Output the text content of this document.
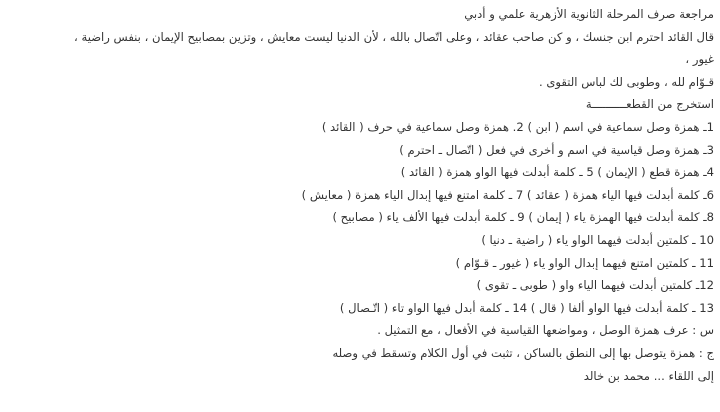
مراجعة صرف المرحلة الثانوية الأزهرية علمي و أدبي
قال القائد احترم ابن جنسك ، و كن صاحب عقائد ، وعلى اتّصال بالله ، لأن الدنيا ليست معايش ، وتزين بمصابيح الإيمان ، بنفس راضية ،
غيور ،
قـوّام لله ، وطوبى لك لباس التقوى .
استخرج من القطعــــــــــة
1ـ همزة وصل سماعية في اسم ( ابن ) 2. همزة وصل سماعية في حرف ( القائد )
3ـ همزة وصل قياسية في اسم و أخرى في فعل ( اتّصال ـ احترم )
4ـ همزة قطع ( الإيمان ) 5 ـ كلمة أبدلت فيها الواو همزة ( القائد )
6ـ كلمة أبدلت فيها الياء همزة ( عقائد ) 7 ـ كلمة امتنع فيها إبدال الياء همزة ( معايش )
8ـ كلمة أبدلت فيها الهمزة ياء ( إيمان ) 9 ـ كلمة أبدلت فيها الألف ياء ( مصابيح )
10 ـ كلمتين أبدلت فيهما الواو ياء ( راضية ـ دنيا )
11 ـ كلمتين امتنع فيهما إبدال الواو ياء ( غيور ـ قـوّام )
12ـ كلمتين أبدلت فيهما الياء واو ( طوبى ـ تقوى )
13 ـ كلمة أبدلت فيها الواو ألفا ( قال ) 14 ـ كلمة أبدل فيها الواو تاء ( اتّـصال )
س : عرف همزة الوصل ، ومواضعها القياسية في الأفعال ، مع التمثيل .
ج : همزة يتوصل بها إلى النطق بالساكن ، تثبت في أول الكلام وتسقط في وصله
إلى اللقاء ... محمد بن خالد
